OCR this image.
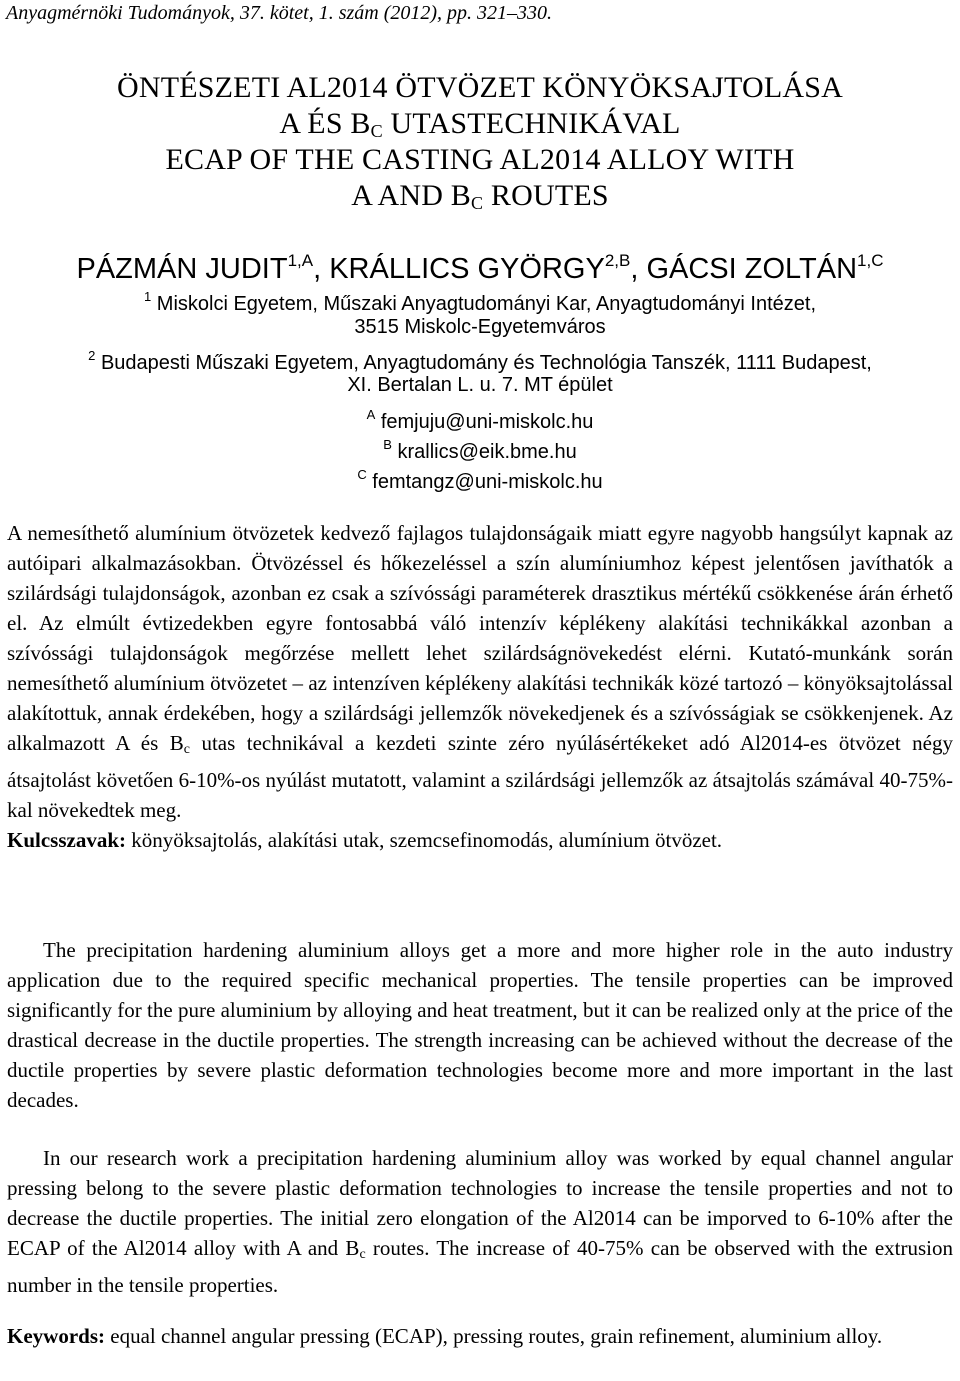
Anyagmérnöki Tudományok, 37. kötet, 1. szám (2012), pp. 321–330.
ÖNTÉSZETI AL2014 ÖTVÖZET KÖNYÖKSAJTOLÁSA
A ÉS $B_C$ UTASTECHNIKÁVAL
ECAP OF THE CASTING AL2014 ALLOY WITH
A AND $B_C$ ROUTES
PÁZMÁN $JUDIT^{1,A}$, KRÁLLICS $GYÖRGY^{2,B}$, GÁCSI $ZOLTÁN^{1,C}$
$^1$ Miskolci Egyetem, Műszaki Anyagtudományi Kar, Anyagtudományi Intézet,
3515 Miskolc-Egyetemváros
$^2$ Budapesti Műszaki Egyetem, Anyagtudomány és Technológia Tanszék, 1111 Budapest,
XI. Bertalan L. u. 7. MT épület
$^A$ femjuju@uni-miskolc.hu
$^B$ krallics@eik.bme.hu
$^C$ femtangz@uni-miskolc.hu
A nemesíthető alumínium ötvözetek kedvező fajlagos tulajdonságaik miatt egyre nagyobb hangsúlyt kapnak az autóipari alkalmazásokban. Ötvözéssel és hőkezeléssel a szín alumíniumhoz képest jelentősen javíthatók a szilárdsági tulajdonságok, azonban ez csak a szívóssági paraméterek drasztikus mértékű csökkenése árán érhető el. Az elmúlt évtizedekben egyre fontosabbá váló intenzív képlékeny alakítási technikákkal azonban a szívóssági tulajdonságok megőrzése mellett lehet szilárdságnövekedést elérni. Kutató-munkánk során nemesíthető alumínium ötvözetet – az intenzíven képlékeny alakítási technikák közé tartozó – könyöksajtolással alakítottuk, annak érdekében, hogy a szilárdsági jellemzők növekedjenek és a szívósságiak se csökkenjenek. Az alkalmazott A és $B_c$ utas technikával a kezdeti szinte zéro nyúlásértékeket adó Al2014-es ötvözet négy átsajtolást követően 6-10%-os nyúlást mutatott, valamint a szilárdsági jellemzők az átsajtolás számával 40-75%-kal növekedtek meg.
Kulcsszavak: könyöksajtolás, alakítási utak, szemcsefinomodás, alumínium ötvözet.
The precipitation hardening aluminium alloys get a more and more higher role in the auto industry application due to the required specific mechanical properties. The tensile properties can be improved significantly for the pure aluminium by alloying and heat treatment, but it can be realized only at the price of the drastical decrease in the ductile properties. The strength increasing can be achieved without the decrease of the ductile properties by severe plastic deformation technologies become more and more important in the last decades.
In our research work a precipitation hardening aluminium alloy was worked by equal channel angular pressing belong to the severe plastic deformation technologies to increase the tensile properties and not to decrease the ductile properties. The initial zero elongation of the Al2014 can be imporved to 6-10% after the ECAP of the Al2014 alloy with A and $B_c$ routes. The increase of 40-75% can be observed with the extrusion number in the tensile properties.
Keywords: equal channel angular pressing (ECAP), pressing routes, grain refinement, aluminium alloy.
